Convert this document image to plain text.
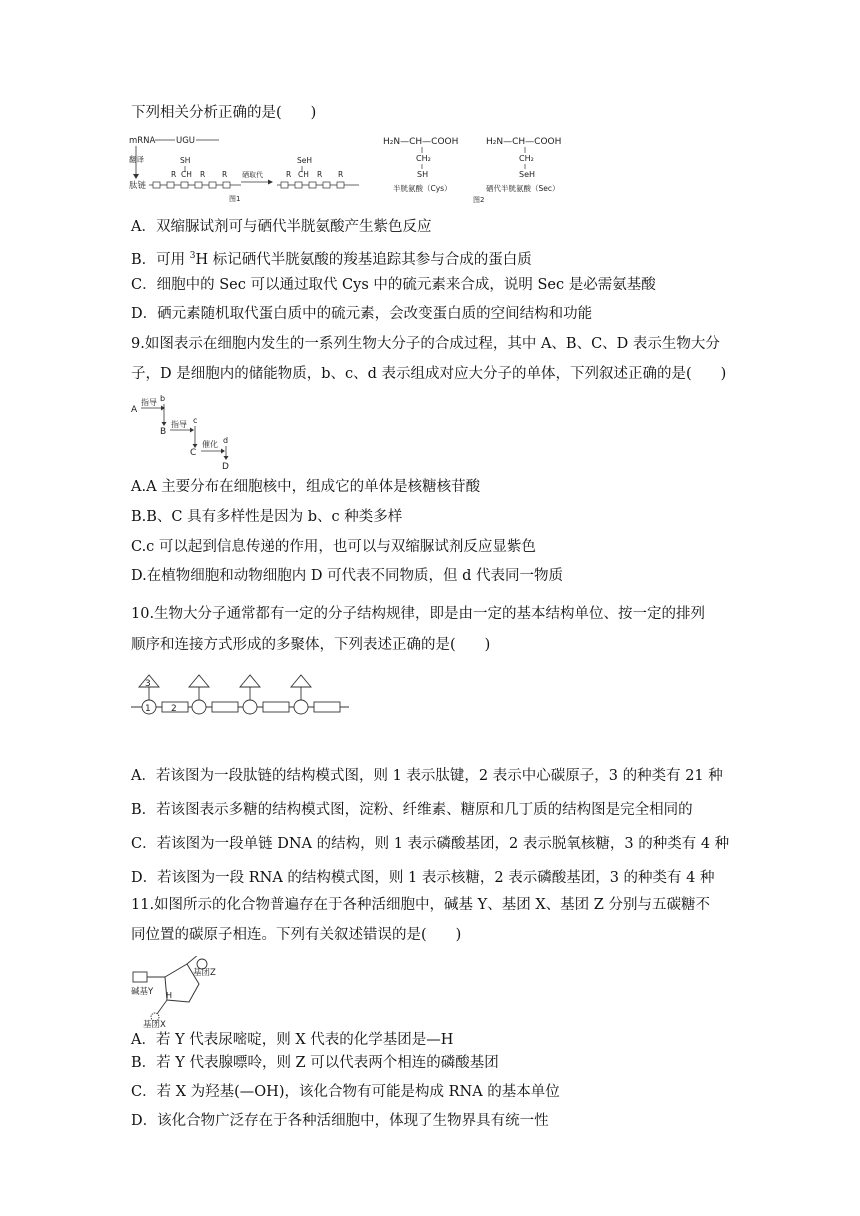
下列相关分析正确的是(　　)
mRNA UGU
翻译
肽链
SH
R CH R R 硒取代
SeH
R CH R R
图1
H₂N—CH—COOH
CH₂
SH
半胱氨酸（Cys）
H₂N—CH—COOH
CH₂
SeH
硒代半胱氨酸（Sec）
图2
A．双缩脲试剂可与硒代半胱氨酸产生紫色反应
B．可用 $^3$H 标记硒代半胱氨酸的羧基追踪其参与合成的蛋白质
C．细胞中的 Sec 可以通过取代 Cys 中的硫元素来合成，说明 Sec 是必需氨基酸
D．硒元素随机取代蛋白质中的硫元素，会改变蛋白质的空间结构和功能
9.如图表示在细胞内发生的一系列生物大分子的合成过程，其中 A、B、C、D 表示生物大分
子，D 是细胞内的储能物质，b、c、d 表示组成对应大分子的单体，下列叙述正确的是(　　)
A
指导 b
B
指导 c
C
催化 d
D
A.A 主要分布在细胞核中，组成它的单体是核糖核苷酸
B.B、C 具有多样性是因为 b、c 种类多样
C.c 可以起到信息传递的作用，也可以与双缩脲试剂反应显紫色
D.在植物细胞和动物细胞内 D 可代表不同物质，但 d 代表同一物质
10.生物大分子通常都有一定的分子结构规律，即是由一定的基本结构单位、按一定的排列
顺序和连接方式形成的多聚体，下列表述正确的是(　　)
3
1 2
A．若该图为一段肽链的结构模式图，则 1 表示肽键，2 表示中心碳原子，3 的种类有 21 种
B．若该图表示多糖的结构模式图，淀粉、纤维素、糖原和几丁质的结构图是完全相同的
C．若该图为一段单链 DNA 的结构，则 1 表示磷酸基团，2 表示脱氧核糖，3 的种类有 4 种
D．若该图为一段 RNA 的结构模式图，则 1 表示核糖，2 表示磷酸基团，3 的种类有 4 种
11.如图所示的化合物普遍存在于各种活细胞中，碱基 Y、基团 X、基团 Z 分别与五碳糖不
同位置的碳原子相连。下列有关叙述错误的是(　　)
基团Z
碱基Y H
基团X
A．若 Y 代表尿嘧啶，则 X 代表的化学基团是—H
B．若 Y 代表腺嘌呤，则 Z 可以代表两个相连的磷酸基团
C．若 X 为羟基(—OH)，该化合物有可能是构成 RNA 的基本单位
D．该化合物广泛存在于各种活细胞中，体现了生物界具有统一性
